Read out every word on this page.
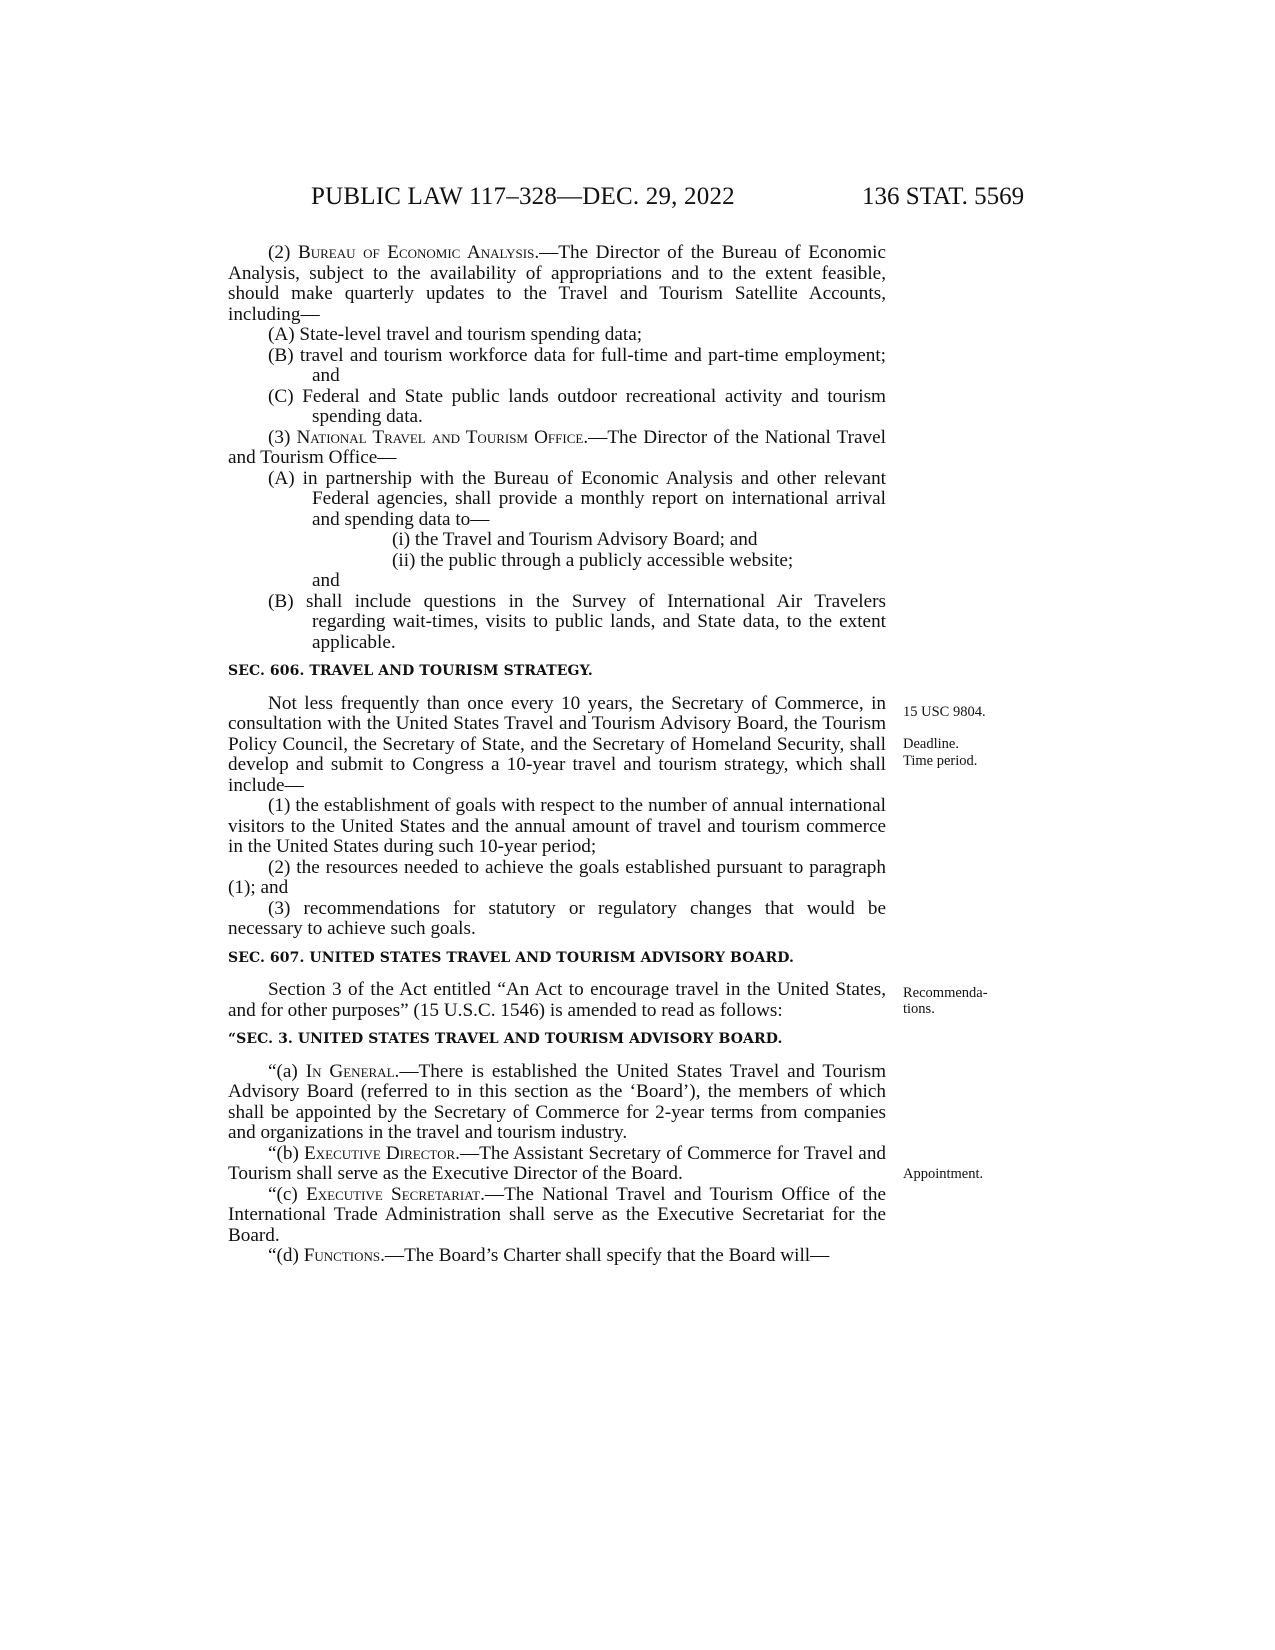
PUBLIC LAW 117–328—DEC. 29, 2022	136 STAT. 5569

(2) Bureau of Economic Analysis.—The Director of the Bureau of Economic Analysis, subject to the availability of appropriations and to the extent feasible, should make quarterly updates to the Travel and Tourism Satellite Accounts, including—

(A) State-level travel and tourism spending data;

(B) travel and tourism workforce data for full-time and part-time employment; and

(C) Federal and State public lands outdoor recreational activity and tourism spending data.

(3) National Travel and Tourism Office.—The Director of the National Travel and Tourism Office—

(A) in partnership with the Bureau of Economic Analysis and other relevant Federal agencies, shall provide a monthly report on international arrival and spending data to—

(i) the Travel and Tourism Advisory Board; and

(ii) the public through a publicly accessible website;

and

(B) shall include questions in the Survey of International Air Travelers regarding wait-times, visits to public lands, and State data, to the extent applicable.

SEC. 606. TRAVEL AND TOURISM STRATEGY.

Not less frequently than once every 10 years, the Secretary of Commerce, in consultation with the United States Travel and Tourism Advisory Board, the Tourism Policy Council, the Secretary of State, and the Secretary of Homeland Security, shall develop and submit to Congress a 10-year travel and tourism strategy, which shall include—

(1) the establishment of goals with respect to the number of annual international visitors to the United States and the annual amount of travel and tourism commerce in the United States during such 10-year period;

(2) the resources needed to achieve the goals established pursuant to paragraph (1); and

(3) recommendations for statutory or regulatory changes that would be necessary to achieve such goals.

SEC. 607. UNITED STATES TRAVEL AND TOURISM ADVISORY BOARD.

Section 3 of the Act entitled “An Act to encourage travel in the United States, and for other purposes” (15 U.S.C. 1546) is amended to read as follows:

“SEC. 3. UNITED STATES TRAVEL AND TOURISM ADVISORY BOARD.

“(a) In General.—There is established the United States Travel and Tourism Advisory Board (referred to in this section as the ‘Board’), the members of which shall be appointed by the Secretary of Commerce for 2-year terms from companies and organizations in the travel and tourism industry.

“(b) Executive Director.—The Assistant Secretary of Commerce for Travel and Tourism shall serve as the Executive Director of the Board.

“(c) Executive Secretariat.—The National Travel and Tourism Office of the International Trade Administration shall serve as the Executive Secretariat for the Board.

“(d) Functions.—The Board’s Charter shall specify that the Board will—

15 USC 9804.
Deadline.
Time period.
Recommenda-tions.
Appointment.
